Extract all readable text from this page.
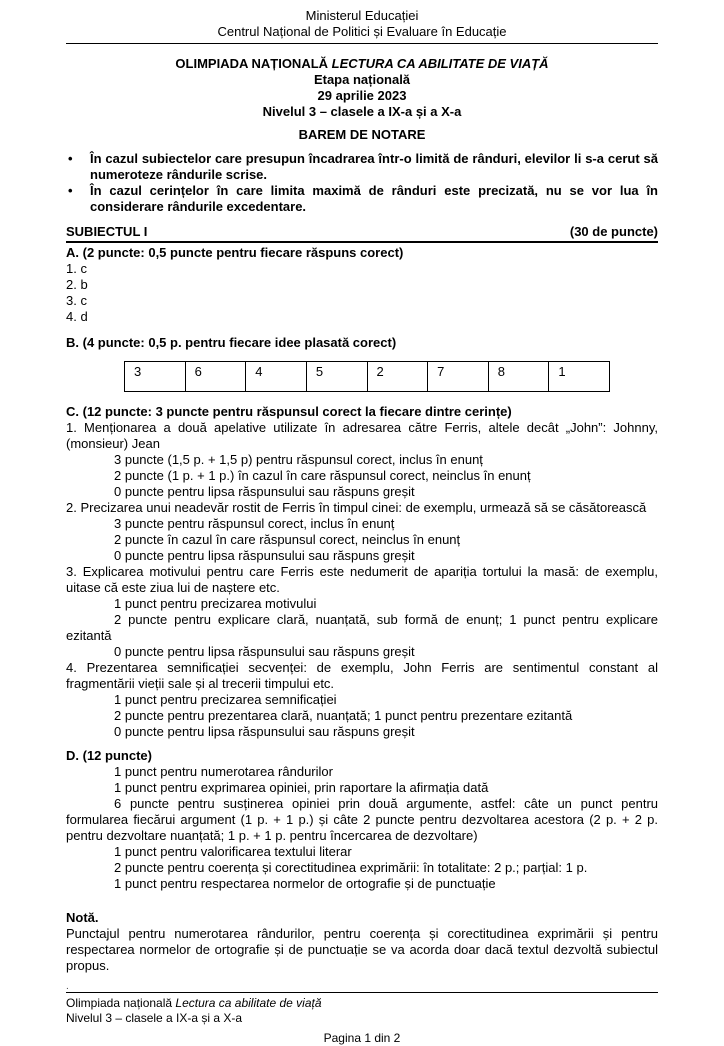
Ministerul Educației
Centrul Național de Politici și Evaluare în Educație
OLIMPIADA NAȚIONALĂ LECTURA CA ABILITATE DE VIAȚĂ
Etapa națională
29 aprilie 2023
Nivelul 3 – clasele a IX-a și a X-a
BAREM DE NOTARE
•	În cazul subiectelor care presupun încadrarea într-o limită de rânduri, elevilor li s-a cerut să numeroteze rândurile scrise.
•	În cazul cerințelor în care limita maximă de rânduri este precizată, nu se vor lua în considerare rândurile excedentare.
SUBIECTUL I	(30 de puncte)
A. (2 puncte: 0,5 puncte pentru fiecare răspuns corect)
1. c
2. b
3. c
4. d
B. (4 puncte: 0,5 p. pentru fiecare idee plasată corect)
3	6	4	5	2	7	8	1
C. (12 puncte: 3 puncte pentru răspunsul corect la fiecare dintre cerințe)
1. Menționarea a două apelative utilizate în adresarea către Ferris, altele decât „John”: Johnny, (monsieur) Jean
3 puncte (1,5 p. + 1,5 p) pentru răspunsul corect, inclus în enunț
2 puncte (1 p. + 1 p.) în cazul în care răspunsul corect, neinclus în enunț
0 puncte pentru lipsa răspunsului sau răspuns greșit
2. Precizarea unui neadevăr rostit de Ferris în timpul cinei: de exemplu, urmează să se căsătorească
3 puncte pentru răspunsul corect, inclus în enunț
2 puncte în cazul în care răspunsul corect, neinclus în enunț
0 puncte pentru lipsa răspunsului sau răspuns greșit
3. Explicarea motivului pentru care Ferris este nedumerit de apariția tortului la masă: de exemplu, uitase că este ziua lui de naștere etc.
1 punct pentru precizarea motivului
2 puncte pentru explicare clară, nuanțată, sub formă de enunț; 1 punct pentru explicare ezitantă
0 puncte pentru lipsa răspunsului sau răspuns greșit
4. Prezentarea semnificației secvenței: de exemplu, John Ferris are sentimentul constant al fragmentării vieții sale și al trecerii timpului etc.
1 punct pentru precizarea semnificației
2 puncte pentru prezentarea clară, nuanțată; 1 punct pentru prezentare ezitantă
0 puncte pentru lipsa răspunsului sau răspuns greșit
D. (12 puncte)
1 punct pentru numerotarea rândurilor
1 punct pentru exprimarea opiniei, prin raportare la afirmația dată
6 puncte pentru susținerea opiniei prin două argumente, astfel: câte un punct pentru formularea fiecărui argument (1 p. + 1 p.) și câte 2 puncte pentru dezvoltarea acestora (2 p. + 2 p. pentru dezvoltare nuanțată; 1 p. + 1 p. pentru încercarea de dezvoltare)
1 punct pentru valorificarea textului literar
2 puncte pentru coerența și corectitudinea exprimării: în totalitate: 2 p.; parțial: 1 p.
1 punct pentru respectarea normelor de ortografie și de punctuație
Notă.
Punctajul pentru numerotarea rândurilor, pentru coerența și corectitudinea exprimării și pentru respectarea normelor de ortografie și de punctuație se va acorda doar dacă textul dezvoltă subiectul propus.
.
Olimpiada națională Lectura ca abilitate de viață
Nivelul 3 – clasele a IX-a și a X-a
Pagina 1 din 2
